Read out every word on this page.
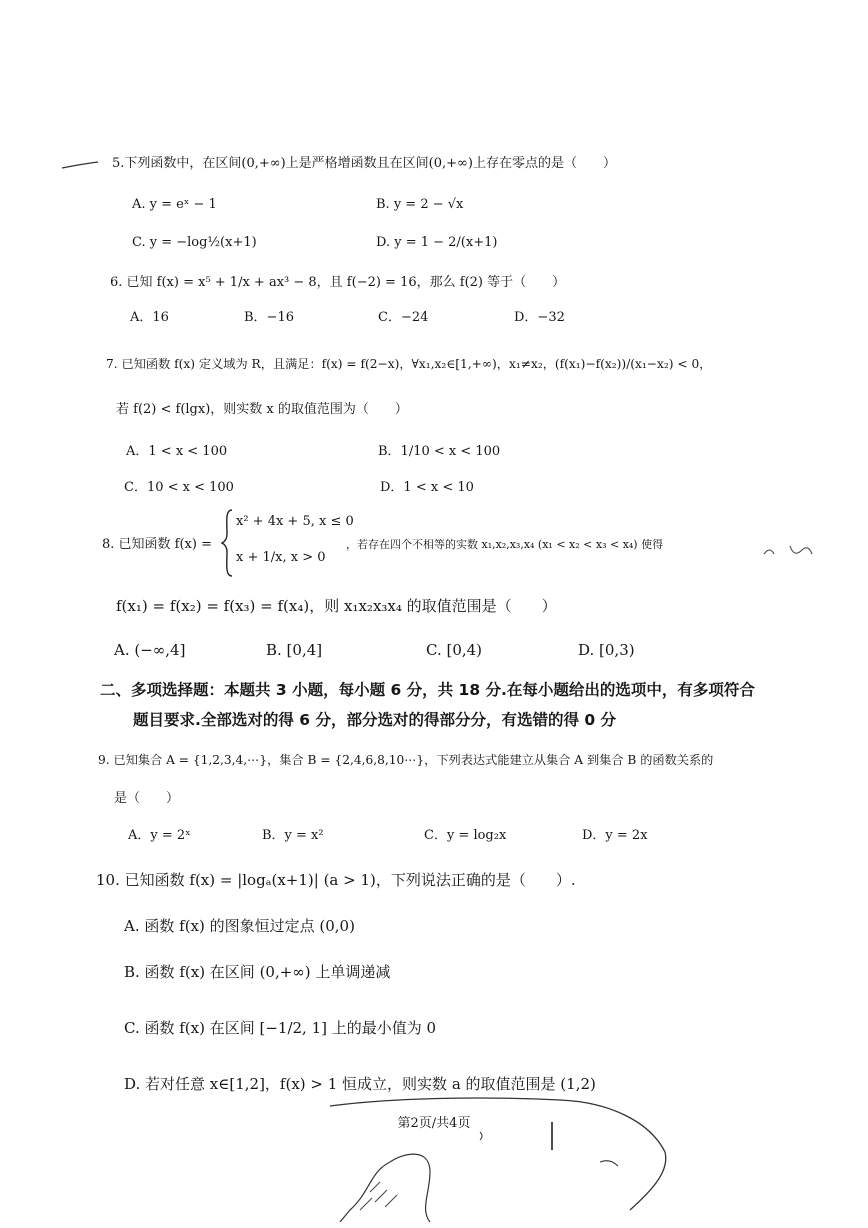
5.下列函数中，在区间(0,+∞)上是严格增函数且在区间(0,+∞)上存在零点的是（　　）
A. y = eˣ − 1	B. y = 2 − √x
C. y = −log½(x+1)	D. y = 1 − 2/(x+1)
6. 已知 f(x) = x⁵ + 1/x + ax³ − 8，且 f(−2) = 16，那么 f(2) 等于（　　）
A．16	B．−16	C．−24	D．−32
7. 已知函数 f(x) 定义域为 R，且满足：f(x) = f(2−x)，∀x₁,x₂∈[1,+∞)，x₁≠x₂，(f(x₁)−f(x₂))/(x₁−x₂) < 0，
若 f(2) < f(lgx)，则实数 x 的取值范围为（　　）
A．1 < x < 100	B．1/10 < x < 100
C．10 < x < 100	D．1 < x < 10
8. 已知函数 f(x) =
x² + 4x + 5, x ≤ 0
x + 1/x, x > 0
，若存在四个不相等的实数 x₁,x₂,x₃,x₄ (x₁ < x₂ < x₃ < x₄) 使得
f(x₁) = f(x₂) = f(x₃) = f(x₄)，则 x₁x₂x₃x₄ 的取值范围是（　　）
A. (−∞,4]	B. [0,4]	C. [0,4)	D. [0,3)
二、多项选择题：本题共 3 小题，每小题 6 分，共 18 分.在每小题给出的选项中，有多项符合
题目要求.全部选对的得 6 分，部分选对的得部分分，有选错的得 0 分
9. 已知集合 A = {1,2,3,4,⋯}，集合 B = {2,4,6,8,10⋯}，下列表达式能建立从集合 A 到集合 B 的函数关系的
是（　　）
A．y = 2ˣ	B．y = x²	C．y = log₂x	D．y = 2x
10. 已知函数 f(x) = |logₐ(x+1)| (a > 1)，下列说法正确的是（　　）.
A. 函数 f(x) 的图象恒过定点 (0,0)
B. 函数 f(x) 在区间 (0,+∞) 上单调递减
C. 函数 f(x) 在区间 [−1/2, 1] 上的最小值为 0
D. 若对任意 x∈[1,2]，f(x) > 1 恒成立，则实数 a 的取值范围是 (1,2)
第2页/共4页
